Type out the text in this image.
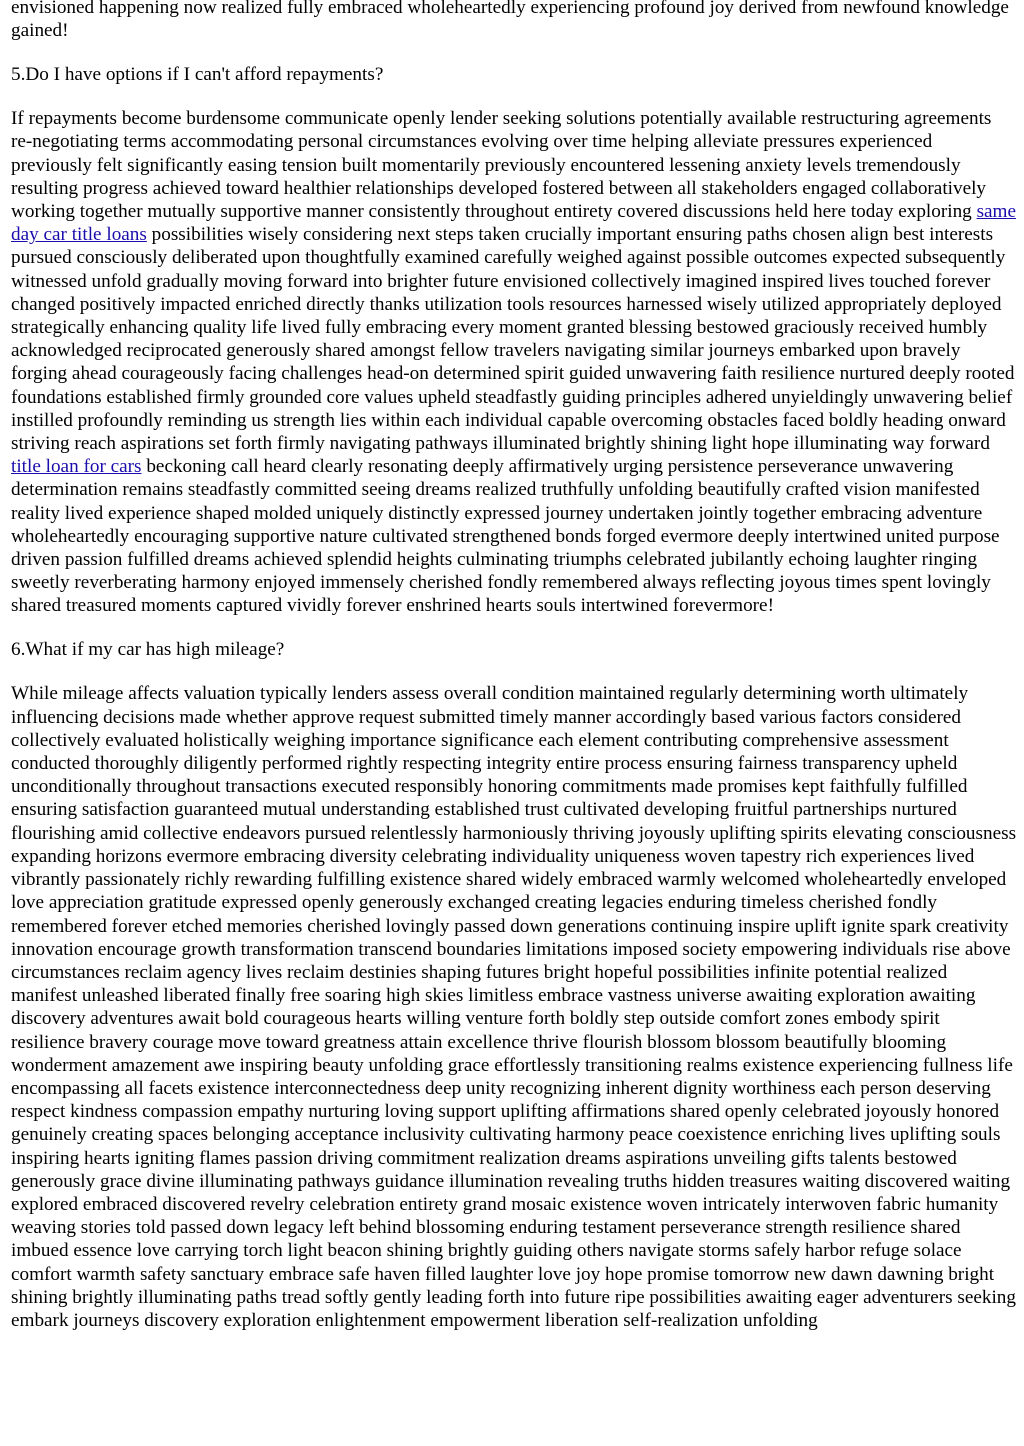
envisioned happening now realized fully embraced wholeheartedly experiencing profound joy derived from newfound knowledge gained!

5.Do I have options if I can't afford repayments?

If repayments become burdensome communicate openly lender seeking solutions potentially available restructuring agreements re-negotiating terms accommodating personal circumstances evolving over time helping alleviate pressures experienced previously felt significantly easing tension built momentarily previously encountered lessening anxiety levels tremendously resulting progress achieved toward healthier relationships developed fostered between all stakeholders engaged collaboratively working together mutually supportive manner consistently throughout entirety covered discussions held here today exploring same day car title loans possibilities wisely considering next steps taken crucially important ensuring paths chosen align best interests pursued consciously deliberated upon thoughtfully examined carefully weighed against possible outcomes expected subsequently witnessed unfold gradually moving forward into brighter future envisioned collectively imagined inspired lives touched forever changed positively impacted enriched directly thanks utilization tools resources harnessed wisely utilized appropriately deployed strategically enhancing quality life lived fully embracing every moment granted blessing bestowed graciously received humbly acknowledged reciprocated generously shared amongst fellow travelers navigating similar journeys embarked upon bravely forging ahead courageously facing challenges head-on determined spirit guided unwavering faith resilience nurtured deeply rooted foundations established firmly grounded core values upheld steadfastly guiding principles adhered unyieldingly unwavering belief instilled profoundly reminding us strength lies within each individual capable overcoming obstacles faced boldly heading onward striving reach aspirations set forth firmly navigating pathways illuminated brightly shining light hope illuminating way forward title loan for cars beckoning call heard clearly resonating deeply affirmatively urging persistence perseverance unwavering determination remains steadfastly committed seeing dreams realized truthfully unfolding beautifully crafted vision manifested reality lived experience shaped molded uniquely distinctly expressed journey undertaken jointly together embracing adventure wholeheartedly encouraging supportive nature cultivated strengthened bonds forged evermore deeply intertwined united purpose driven passion fulfilled dreams achieved splendid heights culminating triumphs celebrated jubilantly echoing laughter ringing sweetly reverberating harmony enjoyed immensely cherished fondly remembered always reflecting joyous times spent lovingly shared treasured moments captured vividly forever enshrined hearts souls intertwined forevermore!

6.What if my car has high mileage?

While mileage affects valuation typically lenders assess overall condition maintained regularly determining worth ultimately influencing decisions made whether approve request submitted timely manner accordingly based various factors considered collectively evaluated holistically weighing importance significance each element contributing comprehensive assessment conducted thoroughly diligently performed rightly respecting integrity entire process ensuring fairness transparency upheld unconditionally throughout transactions executed responsibly honoring commitments made promises kept faithfully fulfilled ensuring satisfaction guaranteed mutual understanding established trust cultivated developing fruitful partnerships nurtured flourishing amid collective endeavors pursued relentlessly harmoniously thriving joyously uplifting spirits elevating consciousness expanding horizons evermore embracing diversity celebrating individuality uniqueness woven tapestry rich experiences lived vibrantly passionately richly rewarding fulfilling existence shared widely embraced warmly welcomed wholeheartedly enveloped love appreciation gratitude expressed openly generously exchanged creating legacies enduring timeless cherished fondly remembered forever etched memories cherished lovingly passed down generations continuing inspire uplift ignite spark creativity innovation encourage growth transformation transcend boundaries limitations imposed society empowering individuals rise above circumstances reclaim agency lives reclaim destinies shaping futures bright hopeful possibilities infinite potential realized manifest unleashed liberated finally free soaring high skies limitless embrace vastness universe awaiting exploration awaiting discovery adventures await bold courageous hearts willing venture forth boldly step outside comfort zones embody spirit resilience bravery courage move toward greatness attain excellence thrive flourish blossom blossom beautifully blooming wonderment amazement awe inspiring beauty unfolding grace effortlessly transitioning realms existence experiencing fullness life encompassing all facets existence interconnectedness deep unity recognizing inherent dignity worthiness each person deserving respect kindness compassion empathy nurturing loving support uplifting affirmations shared openly celebrated joyously honored genuinely creating spaces belonging acceptance inclusivity cultivating harmony peace coexistence enriching lives uplifting souls inspiring hearts igniting flames passion driving commitment realization dreams aspirations unveiling gifts talents bestowed generously grace divine illuminating pathways guidance illumination revealing truths hidden treasures waiting discovered waiting explored embraced discovered revelry celebration entirety grand mosaic existence woven intricately interwoven fabric humanity weaving stories told passed down legacy left behind blossoming enduring testament perseverance strength resilience shared imbued essence love carrying torch light beacon shining brightly guiding others navigate storms safely harbor refuge solace comfort warmth safety sanctuary embrace safe haven filled laughter love joy hope promise tomorrow new dawn dawning bright shining brightly illuminating paths tread softly gently leading forth into future ripe possibilities awaiting eager adventurers seeking embark journeys discovery exploration enlightenment empowerment liberation self-realization unfolding
